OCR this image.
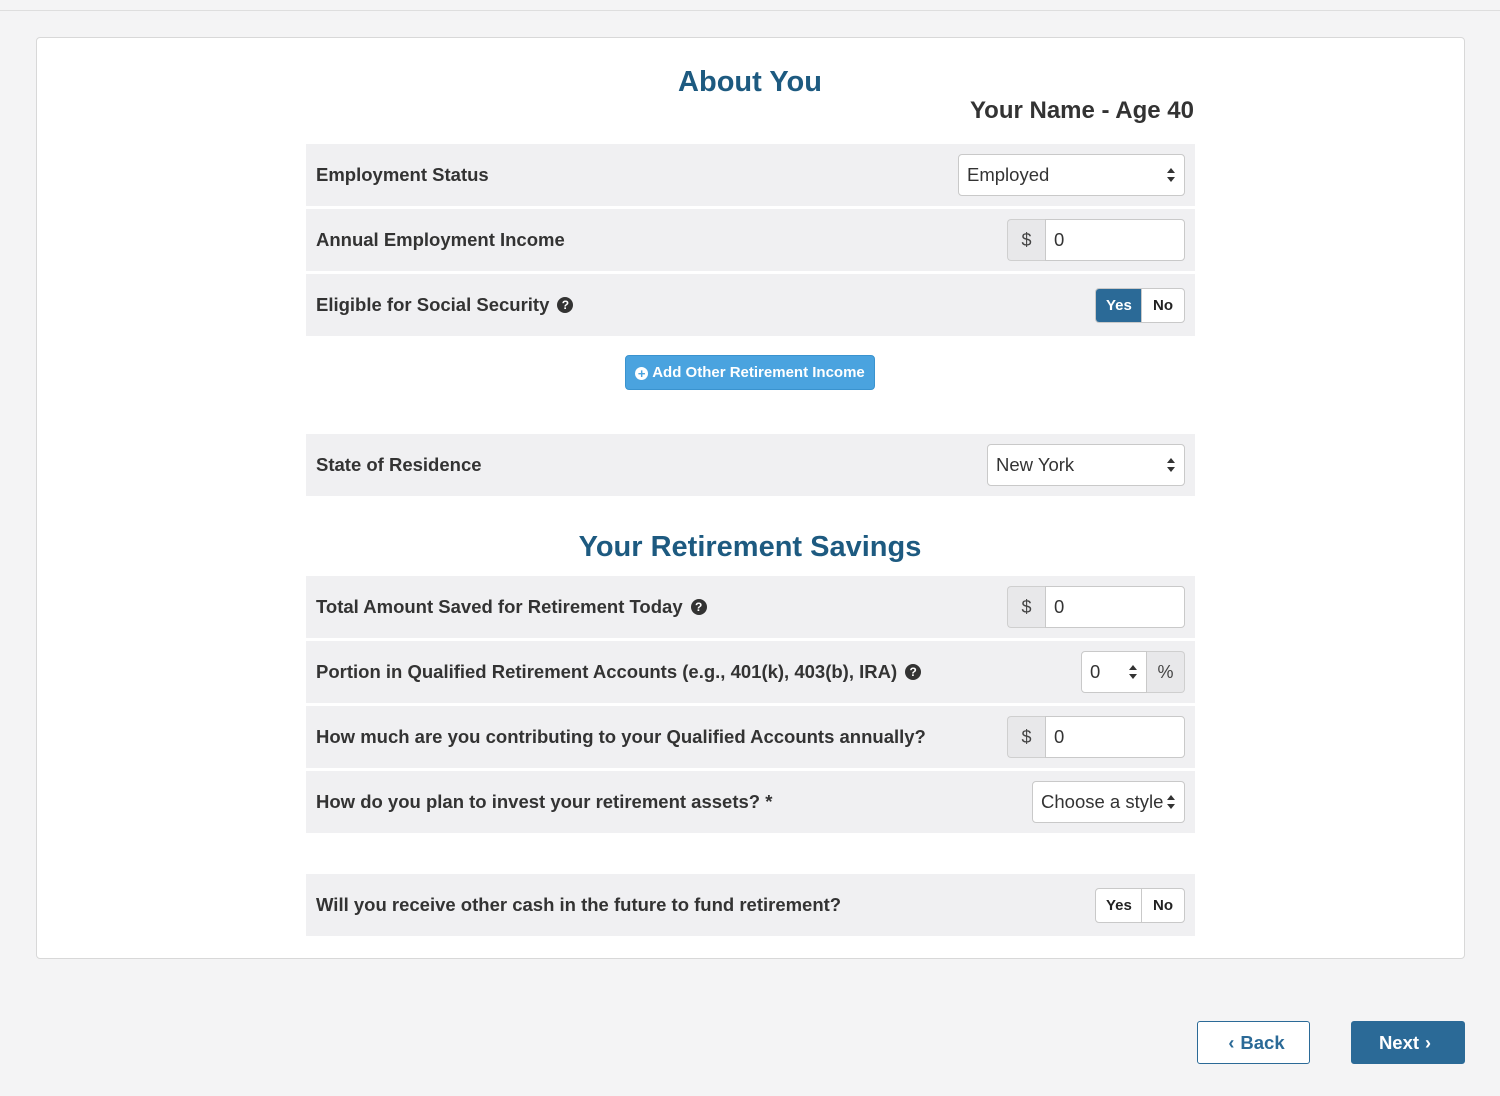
About You
Your Name - Age 40
Employment Status	Employed
Annual Employment Income	$	0
Eligible for Social Security	?	Yes	No
+ Add Other Retirement Income
State of Residence	New York
Your Retirement Savings
Total Amount Saved for Retirement Today	?	$	0
Portion in Qualified Retirement Accounts (e.g., 401(k), 403(b), IRA)	?	0	%
How much are you contributing to your Qualified Accounts annually?	$	0
How do you plan to invest your retirement assets? *	Choose a style
Will you receive other cash in the future to fund retirement?	Yes	No
‹ Back	Next ›
